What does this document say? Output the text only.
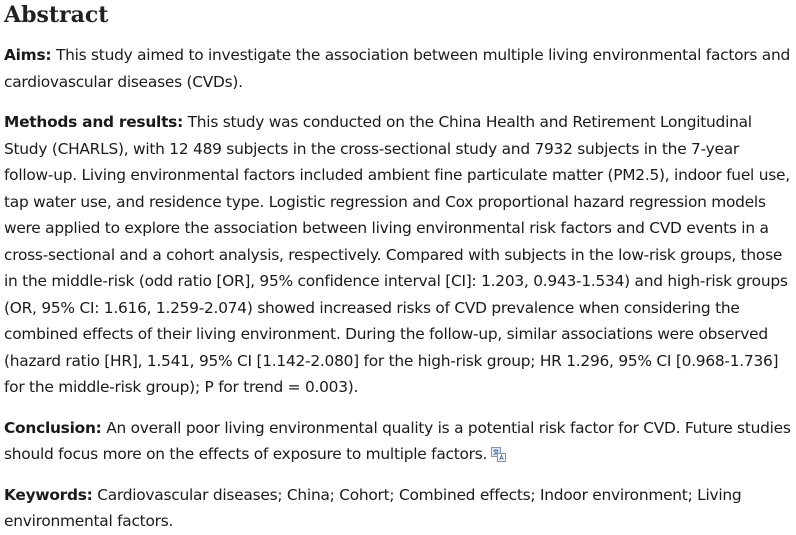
Abstract

Aims: This study aimed to investigate the association between multiple living environmental factors and cardiovascular diseases (CVDs).

Methods and results: This study was conducted on the China Health and Retirement Longitudinal Study (CHARLS), with 12 489 subjects in the cross-sectional study and 7932 subjects in the 7-year follow-up. Living environmental factors included ambient fine particulate matter (PM2.5), indoor fuel use, tap water use, and residence type. Logistic regression and Cox proportional hazard regression models were applied to explore the association between living environmental risk factors and CVD events in a cross-sectional and a cohort analysis, respectively. Compared with subjects in the low-risk groups, those in the middle-risk (odd ratio [OR], 95% confidence interval [CI]: 1.203, 0.943-1.534) and high-risk groups (OR, 95% CI: 1.616, 1.259-2.074) showed increased risks of CVD prevalence when considering the combined effects of their living environment. During the follow-up, similar associations were observed (hazard ratio [HR], 1.541, 95% CI [1.142-2.080] for the high-risk group; HR 1.296, 95% CI [0.968-1.736] for the middle-risk group); P for trend = 0.003).

Conclusion: An overall poor living environmental quality is a potential risk factor for CVD. Future studies should focus more on the effects of exposure to multiple factors.

Keywords: Cardiovascular diseases; China; Cohort; Combined effects; Indoor environment; Living environmental factors.
